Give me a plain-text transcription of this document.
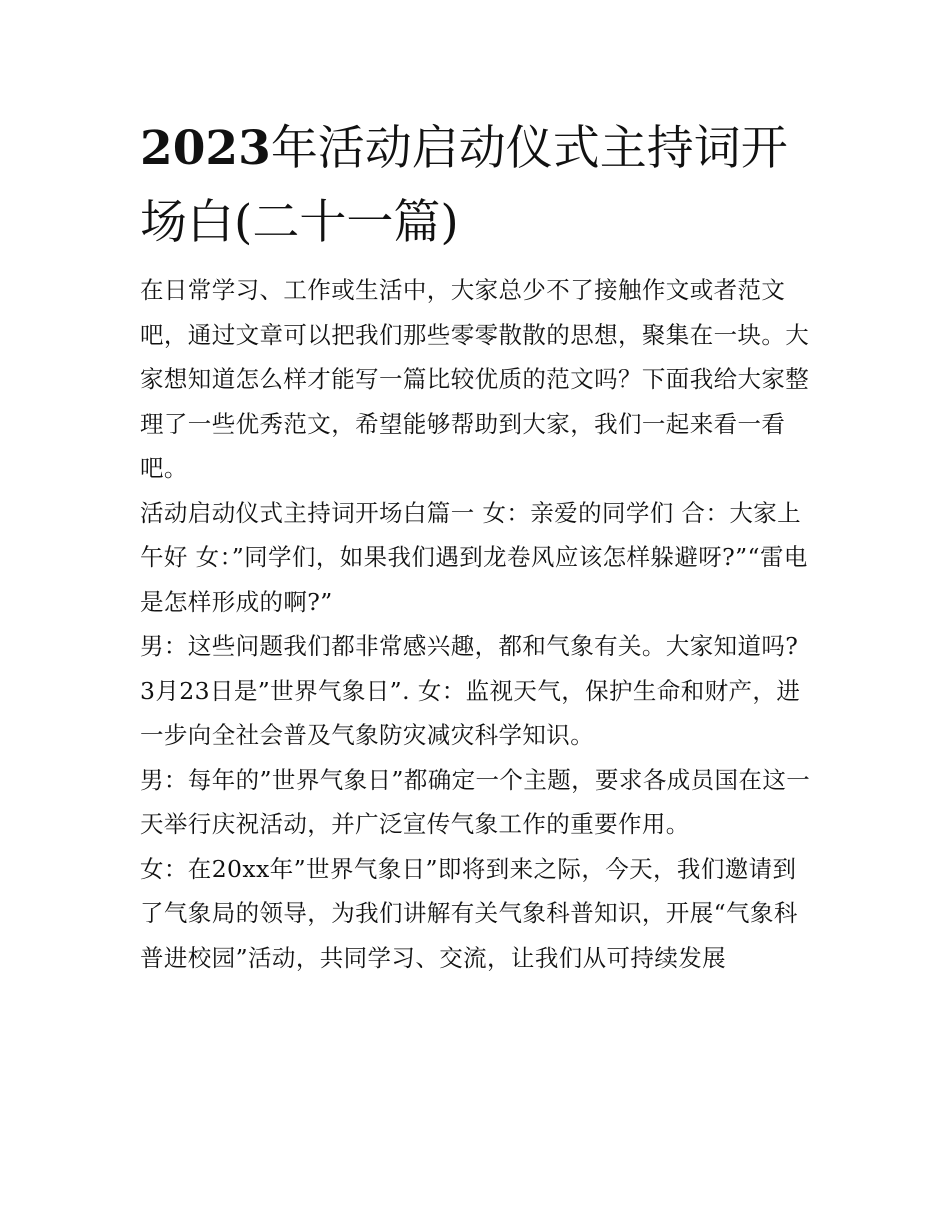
2023年活动启动仪式主持词开场白(二十一篇)

在日常学习、工作或生活中，大家总少不了接触作文或者范文吧，通过文章可以把我们那些零零散散的思想，聚集在一块。大家想知道怎么样才能写一篇比较优质的范文吗？下面我给大家整理了一些优秀范文，希望能够帮助到大家，我们一起来看一看吧。

活动启动仪式主持词开场白篇一 女：亲爱的同学们 合：大家上午好 女：”同学们，如果我们遇到龙卷风应该怎样躲避呀?”“雷电是怎样形成的啊?”

男：这些问题我们都非常感兴趣，都和气象有关。大家知道吗?3月23日是”世界气象日”. 女：监视天气，保护生命和财产，进一步向全社会普及气象防灾减灾科学知识。

男：每年的”世界气象日”都确定一个主题，要求各成员国在这一天举行庆祝活动，并广泛宣传气象工作的重要作用。

女：在20xx年”世界气象日”即将到来之际，今天，我们邀请到了气象局的领导，为我们讲解有关气象科普知识，开展“气象科普进校园”活动，共同学习、交流，让我们从可持续发展
